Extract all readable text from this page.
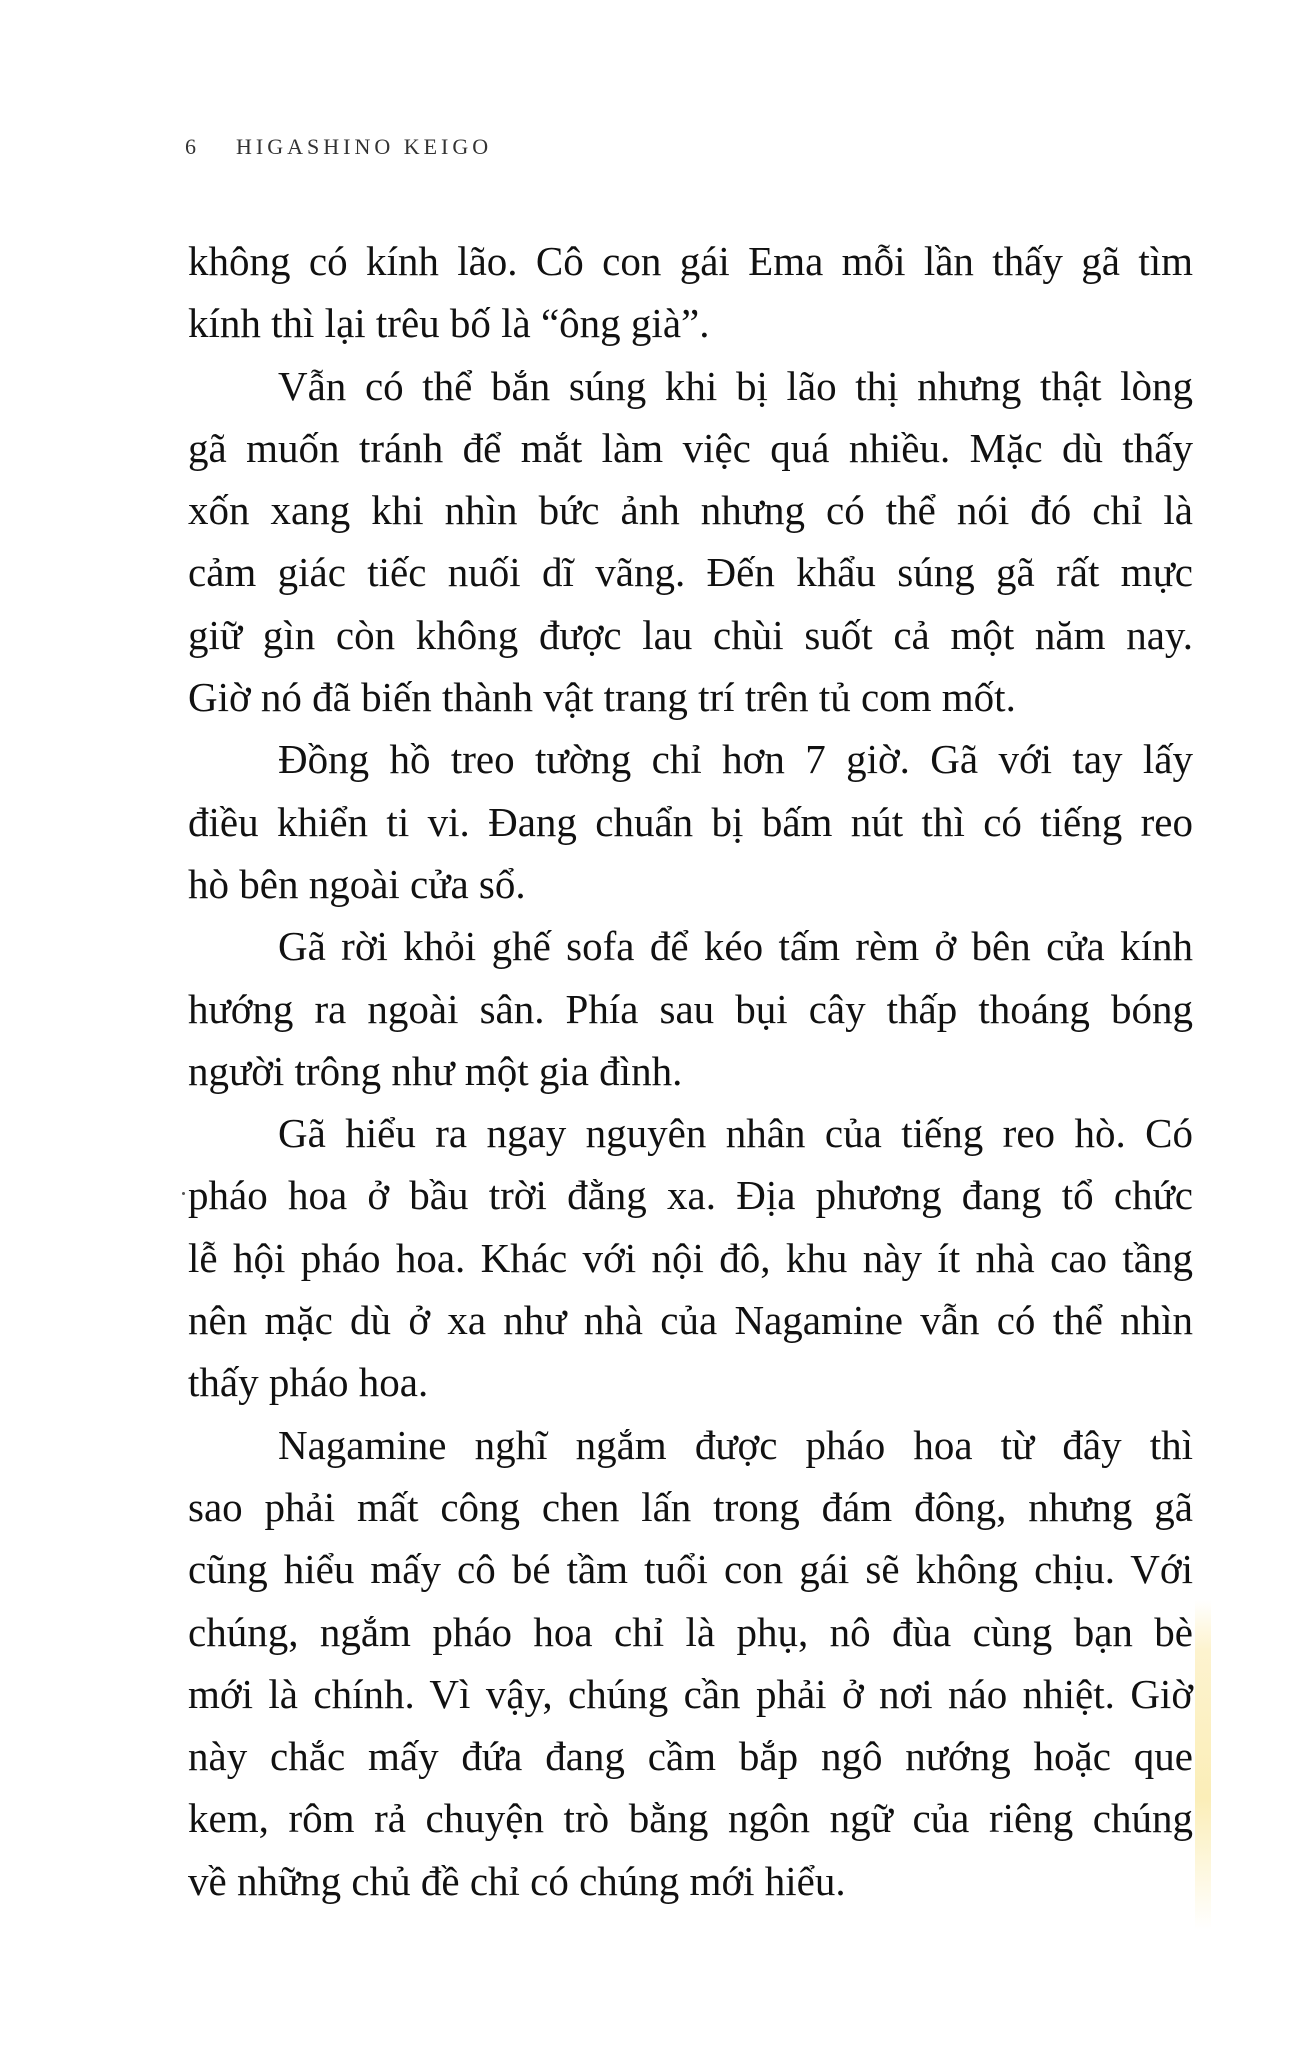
6 HIGASHINO KEIGO
không có kính lão. Cô con gái Ema mỗi lần thấy gã tìm
kính thì lại trêu bố là “ông già”.
Vẫn có thể bắn súng khi bị lão thị nhưng thật lòng
gã muốn tránh để mắt làm việc quá nhiều. Mặc dù thấy
xốn xang khi nhìn bức ảnh nhưng có thể nói đó chỉ là
cảm giác tiếc nuối dĩ vãng. Đến khẩu súng gã rất mực
giữ gìn còn không được lau chùi suốt cả một năm nay.
Giờ nó đã biến thành vật trang trí trên tủ com mốt.
Đồng hồ treo tường chỉ hơn 7 giờ. Gã với tay lấy
điều khiển ti vi. Đang chuẩn bị bấm nút thì có tiếng reo
hò bên ngoài cửa sổ.
Gã rời khỏi ghế sofa để kéo tấm rèm ở bên cửa kính
hướng ra ngoài sân. Phía sau bụi cây thấp thoáng bóng
người trông như một gia đình.
Gã hiểu ra ngay nguyên nhân của tiếng reo hò. Có
pháo hoa ở bầu trời đằng xa. Địa phương đang tổ chức
lễ hội pháo hoa. Khác với nội đô, khu này ít nhà cao tầng
nên mặc dù ở xa như nhà của Nagamine vẫn có thể nhìn
thấy pháo hoa.
Nagamine nghĩ ngắm được pháo hoa từ đây thì
sao phải mất công chen lấn trong đám đông, nhưng gã
cũng hiểu mấy cô bé tầm tuổi con gái sẽ không chịu. Với
chúng, ngắm pháo hoa chỉ là phụ, nô đùa cùng bạn bè
mới là chính. Vì vậy, chúng cần phải ở nơi náo nhiệt. Giờ
này chắc mấy đứa đang cầm bắp ngô nướng hoặc que
kem, rôm rả chuyện trò bằng ngôn ngữ của riêng chúng
về những chủ đề chỉ có chúng mới hiểu.
